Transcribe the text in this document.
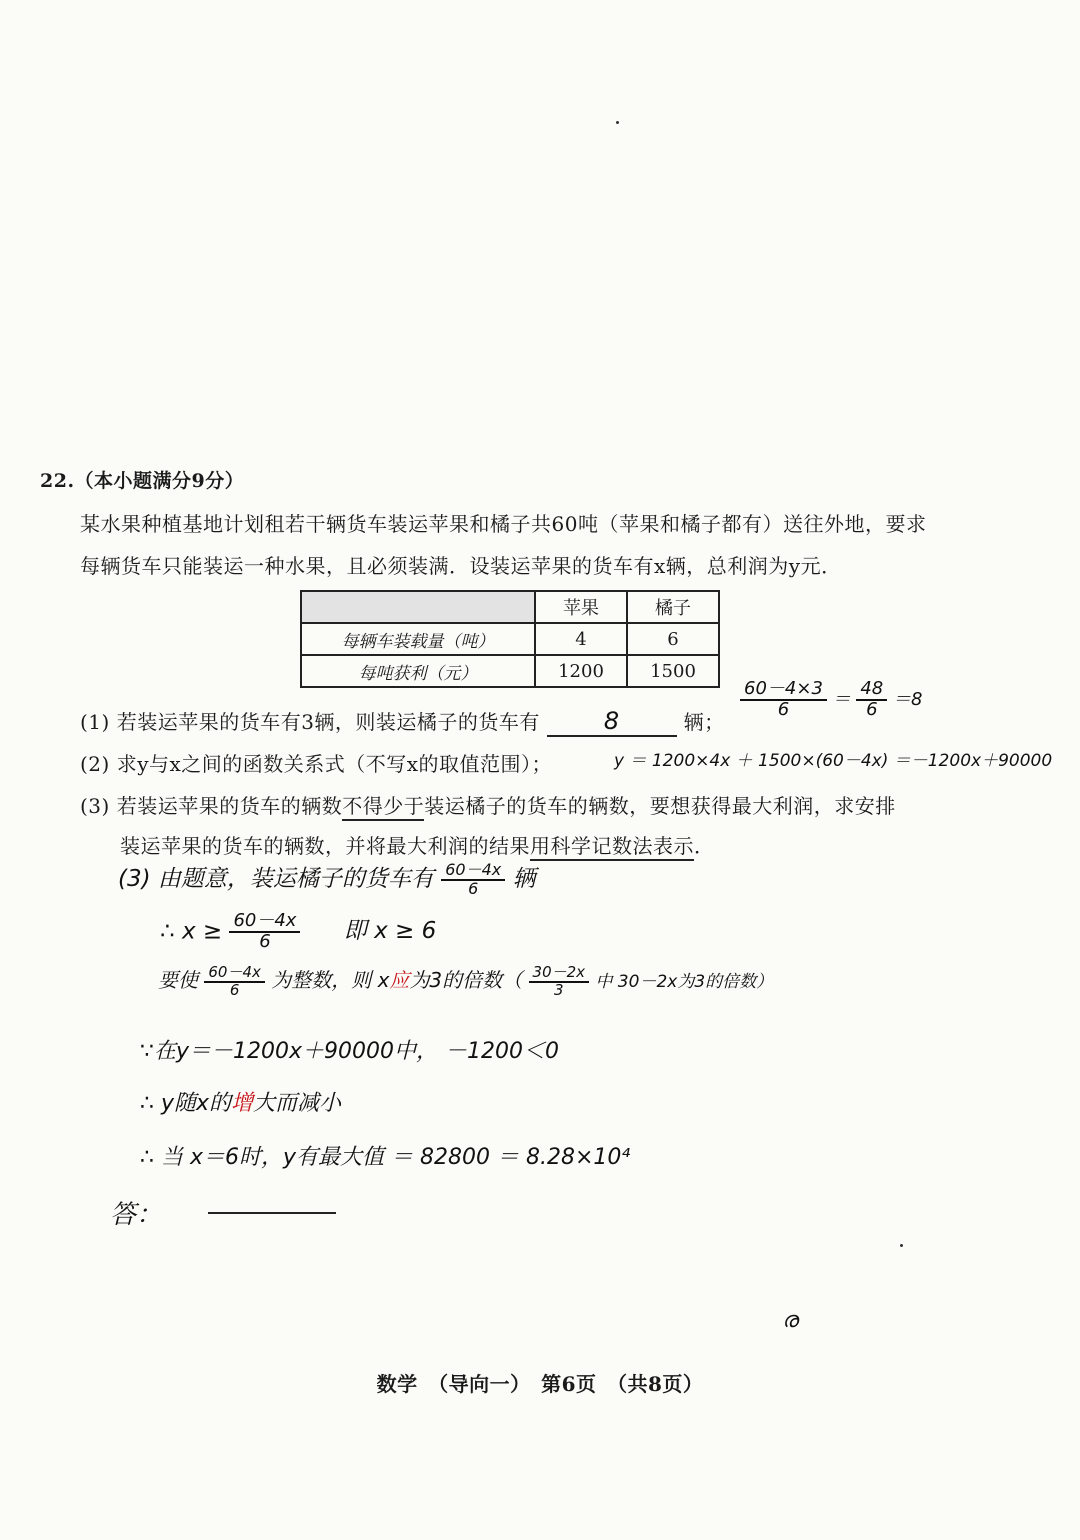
ര
22.（本小题满分9分）
某水果种植基地计划租若干辆货车装运苹果和橘子共60吨（苹果和橘子都有）送往外地，要求
每辆货车只能装运一种水果，且必须装满．设装运苹果的货车有x辆，总利润为y元．
	苹果	橘子
每辆车装载量（吨）	4	6
每吨获利（元）	1200	1500
(1) 若装运苹果的货车有3辆，则装运橘子的货车有	8	辆；
$\frac{60-4\times 3}{6} = \frac{48}{6} =8$
(2) 求y与x之间的函数关系式（不写x的取值范围）；	y ＝ 1200×4x ＋ 1500×(60－4x) ＝－1200x＋90000
(3) 若装运苹果的货车的辆数不得少于装运橘子的货车的辆数，要想获得最大利润，求安排
装运苹果的货车的辆数，并将最大利润的结果用科学记数法表示．
(3) 由题意，装运橘子的货车有 $\frac{60-4x}{6}$ 辆
∴ $x \ge \frac{60-4x}{6}$ 即 x ≥ 6
要使 $\frac{60-4x}{6}$ 为整数，则 x应为3的倍数（ $\frac{30-2x}{3}$ 中 30－2x为3的倍数）
∵在y＝－1200x＋90000中， －1200＜0
∴ y随x的增大而减小
∴ 当 x＝6时，y有最大值 ＝ 82800 ＝ 8.28×10⁴
答：
数学　（导向一）　第6页　（共8页）
